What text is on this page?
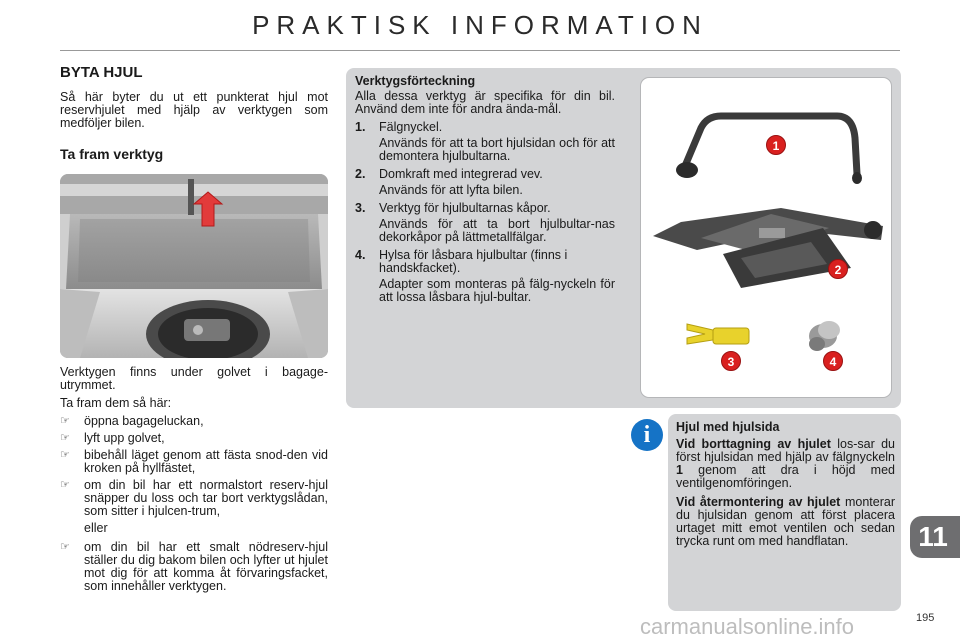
PRAKTISK INFORMATION
BYTA HJUL
Så här byter du ut ett punkterat hjul mot reservhjulet med hjälp av verktygen som medföljer bilen.
Ta fram verktyg
Verktygen finns under golvet i bagage-utrymmet.
Ta fram dem så här:
☞	öppna bagageluckan,
☞	lyft upp golvet,
☞	bibehåll läget genom att fästa snod-den vid kroken på hyllfästet,
☞	om din bil har ett normalstort reserv-hjul snäpper du loss och tar bort verktygslådan, som sitter i hjulcen-trum,
eller
☞	om din bil har ett smalt nödreserv-hjul ställer du dig bakom bilen och lyfter ut hjulet mot dig för att komma åt förvaringsfacket, som innehåller verktygen.
Verktygsförteckning
Alla dessa verktyg är specifika för din bil. Använd dem inte för andra ända-mål.
1.	Fälgnyckel.
Används för att ta bort hjulsidan och för att demontera hjulbultarna.
2.	Domkraft med integrerad vev.
Används för att lyfta bilen.
3.	Verktyg för hjulbultarnas kåpor.
Används för att ta bort hjulbultar-nas dekorkåpor på lättmetallfälgar.
4.	Hylsa för låsbara hjulbultar (finns i handskfacket).
Adapter som monteras på fälg-nyckeln för att lossa låsbara hjul-bultar.
1
2
3	4
i	Hjul med hjulsida
Vid borttagning av hjulet los-sar du först hjulsidan med hjälp av fälgnyckeln 1 genom att dra i höjd med ventilgenomföringen.
Vid återmontering av hjulet monterar du hjulsidan genom att först placera urtaget mitt emot ventilen och sedan trycka runt om med handflatan.	11
195
carmanualsonline.info
